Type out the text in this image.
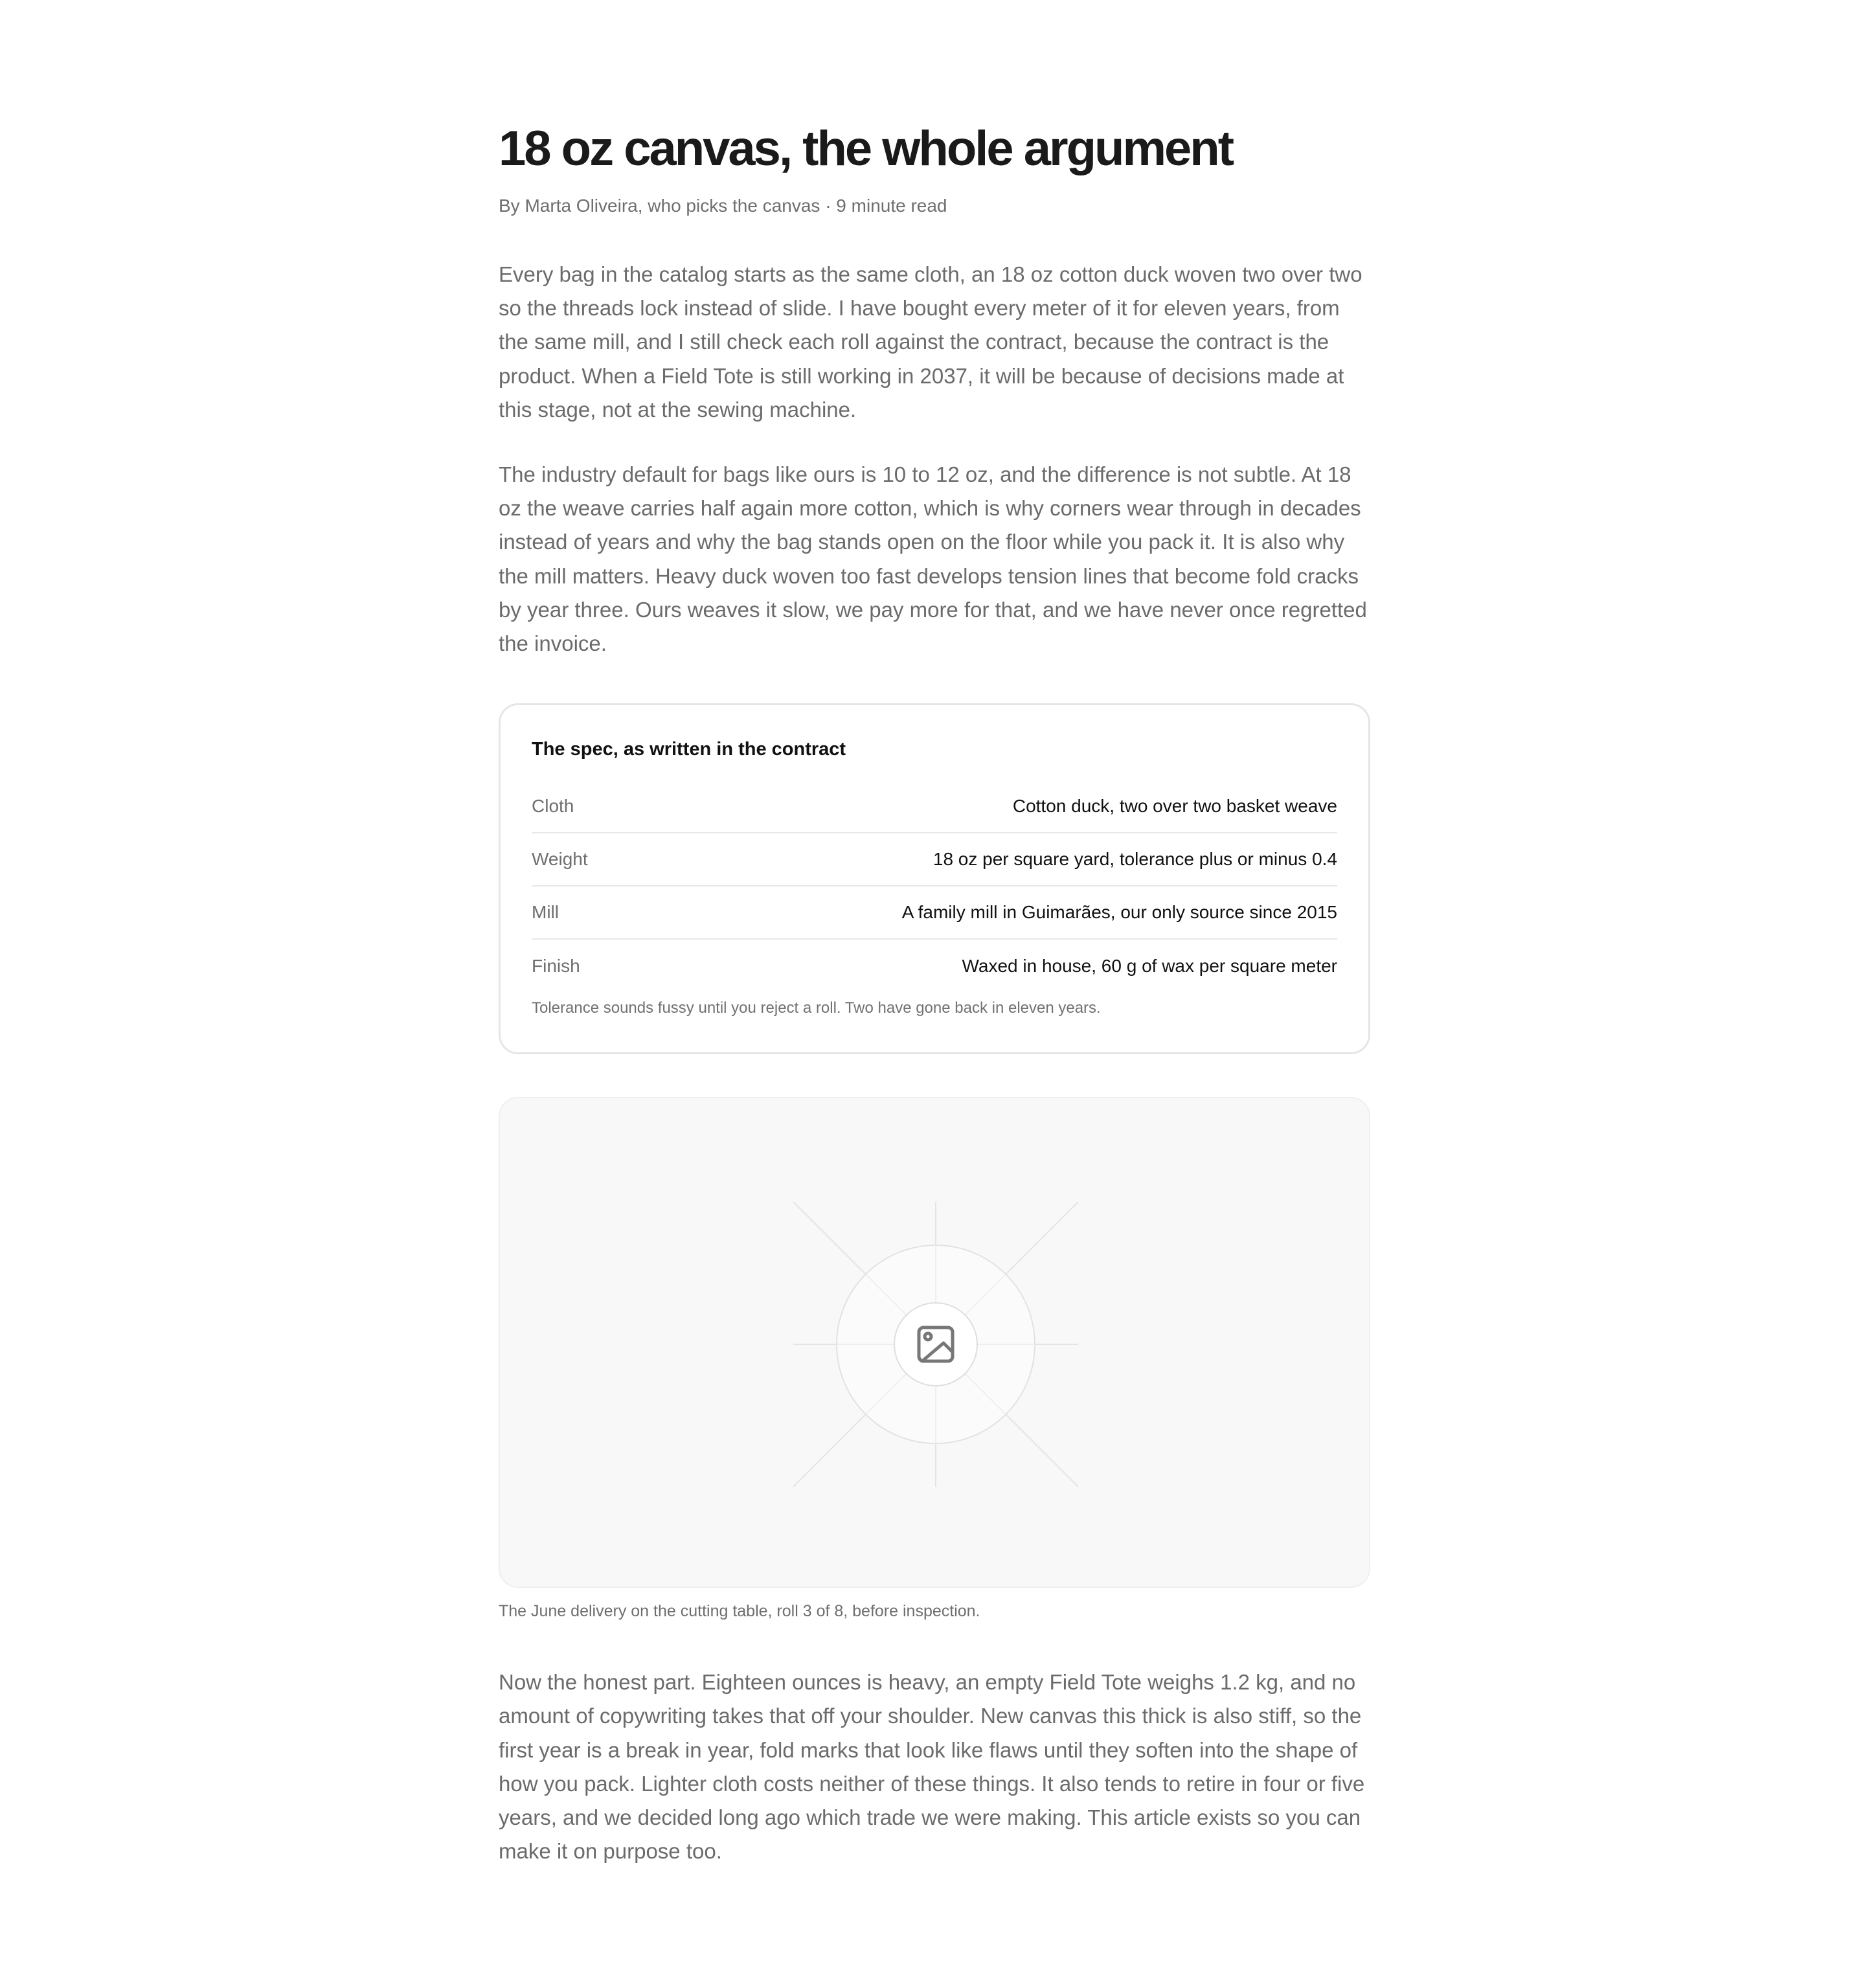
18 oz canvas, the whole argument
By Marta Oliveira, who picks the canvas · 9 minute read

Every bag in the catalog starts as the same cloth, an 18 oz cotton duck woven two over two so the threads lock instead of slide. I have bought every meter of it for eleven years, from the same mill, and I still check each roll against the contract, because the contract is the product. When a Field Tote is still working in 2037, it will be because of decisions made at this stage, not at the sewing machine.

The industry default for bags like ours is 10 to 12 oz, and the difference is not subtle. At 18 oz the weave carries half again more cotton, which is why corners wear through in decades instead of years and why the bag stands open on the floor while you pack it. It is also why the mill matters. Heavy duck woven too fast develops tension lines that become fold cracks by year three. Ours weaves it slow, we pay more for that, and we have never once regretted the invoice.

The spec, as written in the contract
Cloth	Cotton duck, two over two basket weave
Weight	18 oz per square yard, tolerance plus or minus 0.4
Mill	A family mill in Guimarães, our only source since 2015
Finish	Waxed in house, 60 g of wax per square meter
Tolerance sounds fussy until you reject a roll. Two have gone back in eleven years.
The June delivery on the cutting table, roll 3 of 8, before inspection.

Now the honest part. Eighteen ounces is heavy, an empty Field Tote weighs 1.2 kg, and no amount of copywriting takes that off your shoulder. New canvas this thick is also stiff, so the first year is a break in year, fold marks that look like flaws until they soften into the shape of how you pack. Lighter cloth costs neither of these things. It also tends to retire in four or five years, and we decided long ago which trade we were making. This article exists so you can make it on purpose too.
